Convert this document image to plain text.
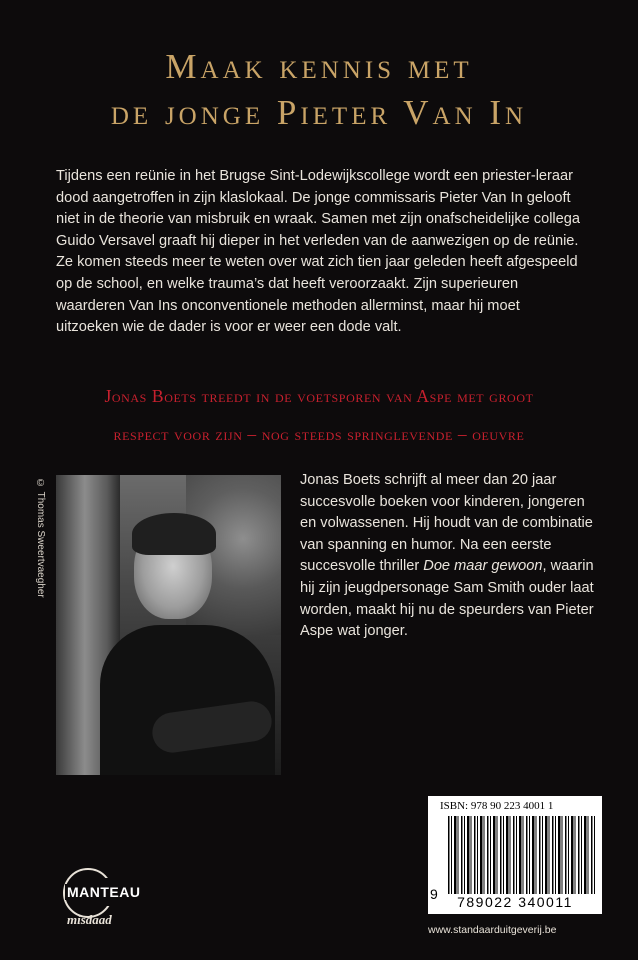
Maak kennis met
de jonge Pieter Van In

Tijdens een reünie in het Brugse Sint-Lodewijkscollege wordt een priester-leraar dood aangetroffen in zijn klaslokaal. De jonge commissaris Pieter Van In gelooft niet in de theorie van misbruik en wraak. Samen met zijn onafscheidelijke collega Guido Versavel graaft hij dieper in het verleden van de aanwezigen op de reünie. Ze komen steeds meer te weten over wat zich tien jaar geleden heeft afgespeeld op de school, en welke trauma’s dat heeft veroorzaakt. Zijn superieuren waarderen Van Ins onconventionele methoden allerminst, maar hij moet uitzoeken wie de dader is voor er weer een dode valt.

Jonas Boets treedt in de voetsporen van Aspe met groot
respect voor zijn – nog steeds springlevende – oeuvre
© Thomas Sweertvaegher	Jonas Boets schrijft al meer dan 20 jaar succesvolle boeken voor kinderen, jongeren en volwassenen. Hij houdt van de combinatie van spanning en humor. Na een eerste succesvolle thriller Doe maar gewoon, waarin hij zijn jeugdpersonage Sam Smith ouder laat worden, maakt hij nu de speurders van Pieter Aspe wat jonger.

ISBN: 978 90 223 4001 1
9 789022 340011
www.standaarduitgeverij.be
MANTEAU
misdaad
